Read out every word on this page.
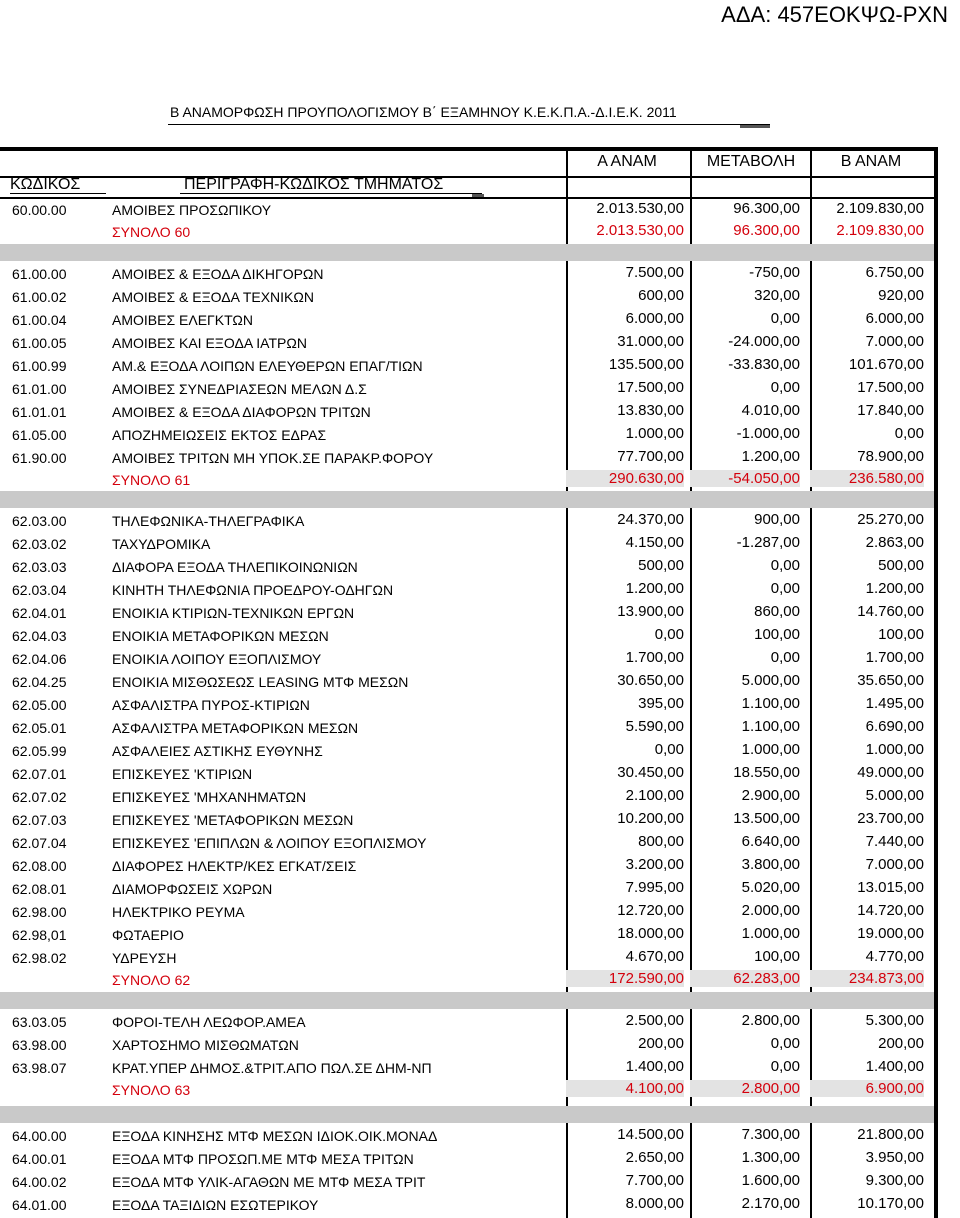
ΑΔΑ: 457ΕΟΚΨΩ-ΡΧΝ
Β ΑΝΑΜΟΡΦΩΣΗ ΠΡΟΥΠΟΛΟΓΙΣΜΟΥ Β΄ ΕΞΑΜΗΝΟΥ Κ.Ε.Κ.Π.Α.-Δ.Ι.Ε.Κ. 2011
Α ΑΝΑΜ	ΜΕΤΑΒΟΛΗ	Β ΑΝΑΜ
ΚΩΔΙΚΟΣ	ΠΕΡΙΓΡΑΦΗ-ΚΩΔΙΚΟΣ ΤΜΗΜΑΤΟΣ
60.00.00	ΑΜΟΙΒΕΣ ΠΡΟΣΩΠΙΚΟΥ	2.013.530,00	96.300,00	2.109.830,00
ΣΥΝΟΛΟ 60	2.013.530,00	96.300,00	2.109.830,00
61.00.00	ΑΜΟΙΒΕΣ & ΕΞΟΔΑ ΔΙΚΗΓΟΡΩΝ	7.500,00	-750,00	6.750,00
61.00.02	ΑΜΟΙΒΕΣ & ΕΞΟΔΑ ΤΕΧΝΙΚΩΝ	600,00	320,00	920,00
61.00.04	ΑΜΟΙΒΕΣ ΕΛΕΓΚΤΩΝ	6.000,00	0,00	6.000,00
61.00.05	ΑΜΟΙΒΕΣ ΚΑΙ ΕΞΟΔΑ ΙΑΤΡΩΝ	31.000,00	-24.000,00	7.000,00
61.00.99	ΑΜ.& ΕΞΟΔΑ ΛΟΙΠΩΝ ΕΛΕΥΘΕΡΩΝ ΕΠΑΓ/ΤΙΩΝ	135.500,00	-33.830,00	101.670,00
61.01.00	ΑΜΟΙΒΕΣ ΣΥΝΕΔΡΙΑΣΕΩΝ ΜΕΛΩΝ Δ.Σ	17.500,00	0,00	17.500,00
61.01.01	ΑΜΟΙΒΕΣ & ΕΞΟΔΑ ΔΙΑΦΟΡΩΝ ΤΡΙΤΩΝ	13.830,00	4.010,00	17.840,00
61.05.00	ΑΠΟΖΗΜΕΙΩΣΕΙΣ ΕΚΤΟΣ ΕΔΡΑΣ	1.000,00	-1.000,00	0,00
61.90.00	ΑΜΟΙΒΕΣ ΤΡΙΤΩΝ ΜΗ ΥΠΟΚ.ΣΕ ΠΑΡΑΚΡ.ΦΟΡΟΥ	77.700,00	1.200,00	78.900,00
ΣΥΝΟΛΟ 61	290.630,00	-54.050,00	236.580,00
62.03.00	ΤΗΛΕΦΩΝΙΚΑ-ΤΗΛΕΓΡΑΦΙΚΑ	24.370,00	900,00	25.270,00
62.03.02	ΤΑΧΥΔΡΟΜΙΚΑ	4.150,00	-1.287,00	2.863,00
62.03.03	ΔΙΑΦΟΡΑ ΕΞΟΔΑ ΤΗΛΕΠΙΚΟΙΝΩΝΙΩΝ	500,00	0,00	500,00
62.03.04	ΚΙΝΗΤΗ ΤΗΛΕΦΩΝΙΑ ΠΡΟΕΔΡΟΥ-ΟΔΗΓΩΝ	1.200,00	0,00	1.200,00
62.04.01	ΕΝΟΙΚΙΑ ΚΤΙΡΙΩΝ-ΤΕΧΝΙΚΩΝ ΕΡΓΩΝ	13.900,00	860,00	14.760,00
62.04.03	ΕΝΟΙΚΙΑ ΜΕΤΑΦΟΡΙΚΩΝ ΜΕΣΩΝ	0,00	100,00	100,00
62.04.06	ΕΝΟΙΚΙΑ ΛΟΙΠΟΥ ΕΞΟΠΛΙΣΜΟΥ	1.700,00	0,00	1.700,00
62.04.25	ΕΝΟΙΚΙΑ ΜΙΣΘΩΣΕΩΣ LEASING ΜΤΦ ΜΕΣΩΝ	30.650,00	5.000,00	35.650,00
62.05.00	ΑΣΦΑΛΙΣΤΡΑ ΠΥΡΟΣ-ΚΤΙΡΙΩΝ	395,00	1.100,00	1.495,00
62.05.01	ΑΣΦΑΛΙΣΤΡΑ ΜΕΤΑΦΟΡΙΚΩΝ ΜΕΣΩΝ	5.590,00	1.100,00	6.690,00
62.05.99	ΑΣΦΑΛΕΙΕΣ ΑΣΤΙΚΗΣ ΕΥΘΥΝΗΣ	0,00	1.000,00	1.000,00
62.07.01	ΕΠΙΣΚΕΥΕΣ 'ΚΤΙΡΙΩΝ	30.450,00	18.550,00	49.000,00
62.07.02	ΕΠΙΣΚΕΥΕΣ 'ΜΗΧΑΝΗΜΑΤΩΝ	2.100,00	2.900,00	5.000,00
62.07.03	ΕΠΙΣΚΕΥΕΣ 'ΜΕΤΑΦΟΡΙΚΩΝ ΜΕΣΩΝ	10.200,00	13.500,00	23.700,00
62.07.04	ΕΠΙΣΚΕΥΕΣ 'ΕΠΙΠΛΩΝ & ΛΟΙΠΟΥ ΕΞΟΠΛΙΣΜΟΥ	800,00	6.640,00	7.440,00
62.08.00	ΔΙΑΦΟΡΕΣ ΗΛΕΚΤΡ/ΚΕΣ ΕΓΚΑΤ/ΣΕΙΣ	3.200,00	3.800,00	7.000,00
62.08.01	ΔΙΑΜΟΡΦΩΣΕΙΣ ΧΩΡΩΝ	7.995,00	5.020,00	13.015,00
62.98.00	ΗΛΕΚΤΡΙΚΟ ΡΕΥΜΑ	12.720,00	2.000,00	14.720,00
62.98,01	ΦΩΤΑΕΡΙΟ	18.000,00	1.000,00	19.000,00
62.98.02	ΥΔΡΕΥΣΗ	4.670,00	100,00	4.770,00
ΣΥΝΟΛΟ 62	172.590,00	62.283,00	234.873,00
63.03.05	ΦΟΡΟΙ-ΤΕΛΗ ΛΕΩΦΟΡ.ΑΜΕΑ	2.500,00	2.800,00	5.300,00
63.98.00	ΧΑΡΤΟΣΗΜΟ ΜΙΣΘΩΜΑΤΩΝ	200,00	0,00	200,00
63.98.07	ΚΡΑΤ.ΥΠΕΡ ΔΗΜΟΣ.&ΤΡΙΤ.ΑΠΟ ΠΩΛ.ΣΕ ΔΗΜ-ΝΠ	1.400,00	0,00	1.400,00
ΣΥΝΟΛΟ 63	4.100,00	2.800,00	6.900,00
64.00.00	ΕΞΟΔΑ ΚΙΝΗΣΗΣ ΜΤΦ ΜΕΣΩΝ ΙΔΙΟΚ.ΟΙΚ.ΜΟΝΑΔ	14.500,00	7.300,00	21.800,00
64.00.01	ΕΞΟΔΑ ΜΤΦ ΠΡΟΣΩΠ.ΜΕ ΜΤΦ ΜΕΣΑ ΤΡΙΤΩΝ	2.650,00	1.300,00	3.950,00
64.00.02	ΕΞΟΔΑ ΜΤΦ ΥΛΙΚ-ΑΓΑΘΩΝ ΜΕ ΜΤΦ ΜΕΣΑ ΤΡΙΤ	7.700,00	1.600,00	9.300,00
64.01.00	ΕΞΟΔΑ ΤΑΞΙΔΙΩΝ ΕΣΩΤΕΡΙΚΟΥ	8.000,00	2.170,00	10.170,00
